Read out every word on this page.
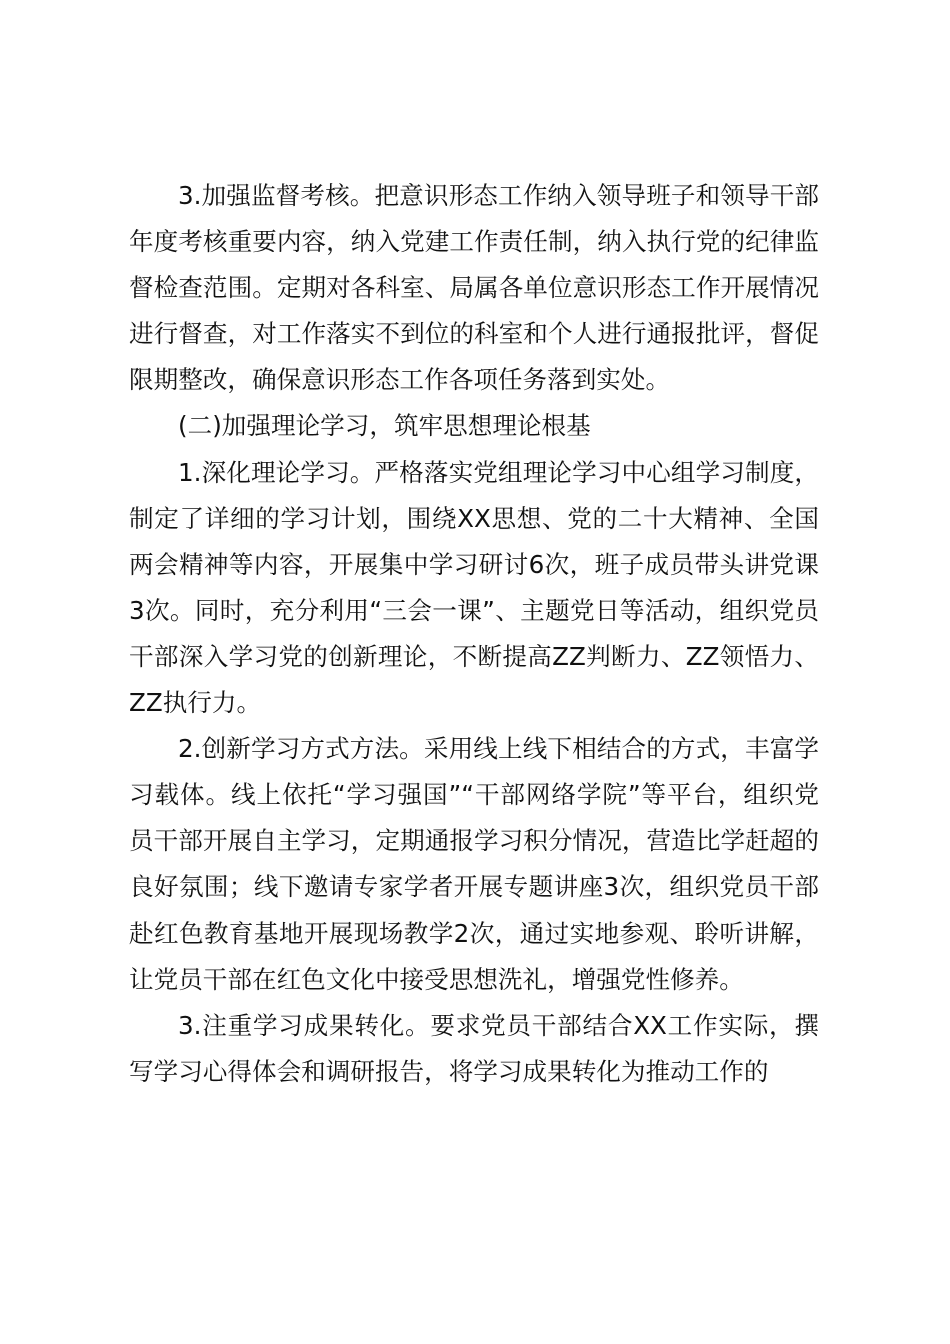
3.加强监督考核。把意识形态工作纳入领导班子和领导干部年度考核重要内容，纳入党建工作责任制，纳入执行党的纪律监督检查范围。定期对各科室、局属各单位意识形态工作开展情况进行督查，对工作落实不到位的科室和个人进行通报批评，督促限期整改，确保意识形态工作各项任务落到实处。

(二)加强理论学习，筑牢思想理论根基

1.深化理论学习。严格落实党组理论学习中心组学习制度，制定了详细的学习计划，围绕XX思想、党的二十大精神、全国两会精神等内容，开展集中学习研讨6次，班子成员带头讲党课3次。同时，充分利用“三会一课”、主题党日等活动，组织党员干部深入学习党的创新理论，不断提高ZZ判断力、ZZ领悟力、ZZ执行力。

2.创新学习方式方法。采用线上线下相结合的方式，丰富学习载体。线上依托“学习强国”“干部网络学院”等平台，组织党员干部开展自主学习，定期通报学习积分情况，营造比学赶超的良好氛围；线下邀请专家学者开展专题讲座3次，组织党员干部赴红色教育基地开展现场教学2次，通过实地参观、聆听讲解，让党员干部在红色文化中接受思想洗礼，增强党性修养。

3.注重学习成果转化。要求党员干部结合XX工作实际，撰写学习心得体会和调研报告，将学习成果转化为推动工作的
